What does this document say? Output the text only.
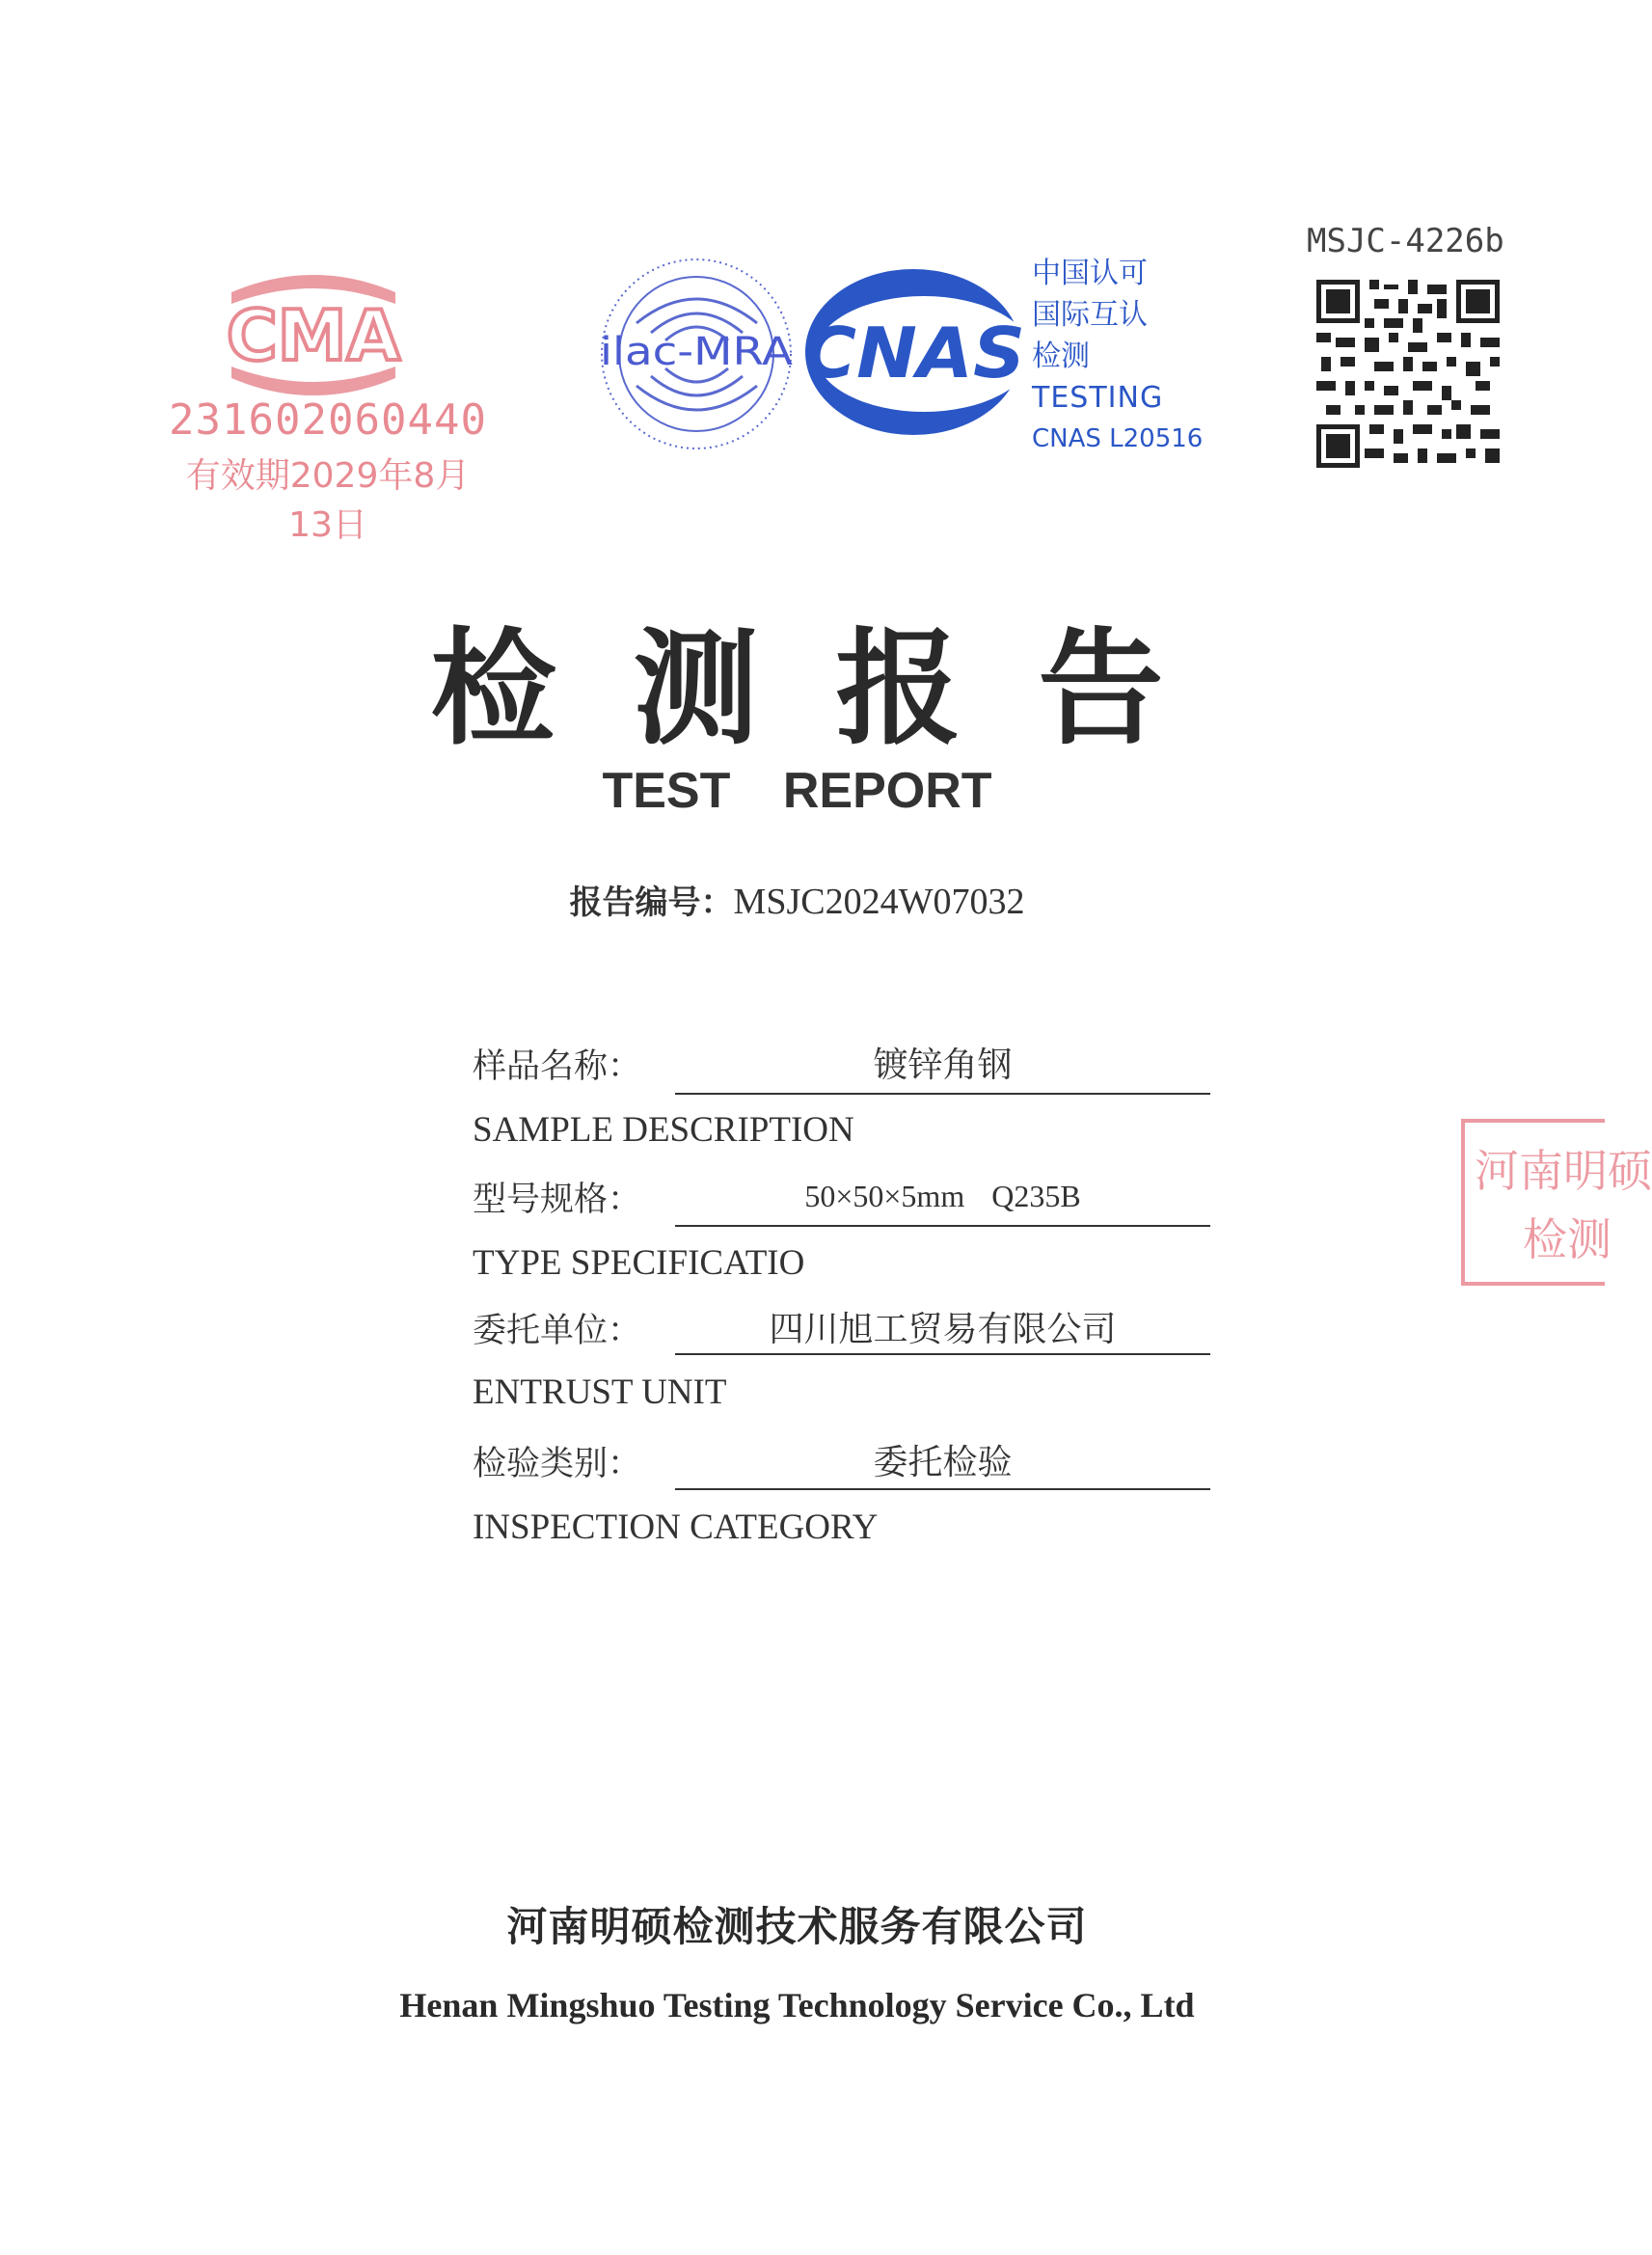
CMA
231602060440
有效期2029年8月13日
ilac-MRA CNAS
中国认可
国际互认
检测
TESTING
CNAS L20516
MSJC-4226b
检测报告
TEST REPORT
报告编号：MSJC2024W07032
样品名称：	镀锌角钢
SAMPLE DESCRIPTION
型号规格：	50×50×5mm Q235B
TYPE SPECIFICATIO
委托单位：	四川旭工贸易有限公司
ENTRUST UNIT
检验类别：	委托检验
INSPECTION CATEGORY
河南明硕
检测
河南明硕检测技术服务有限公司
Henan Mingshuo Testing Technology Service Co., Ltd
